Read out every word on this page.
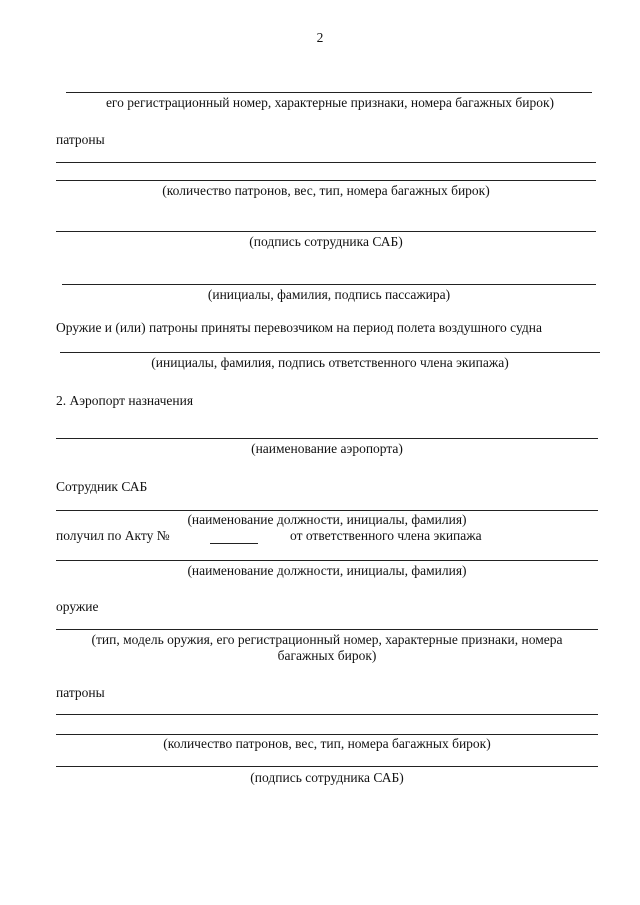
2
его регистрационный номер, характерные признаки, номера багажных бирок)
патроны
(количество патронов, вес, тип, номера багажных бирок)
(подпись сотрудника САБ)
(инициалы, фамилия, подпись пассажира)
Оружие и (или) патроны приняты перевозчиком на период полета воздушного судна
(инициалы, фамилия, подпись ответственного члена экипажа)
2. Аэропорт назначения
(наименование аэропорта)
Сотрудник САБ
(наименование должности, инициалы, фамилия)
получил по Акту №	от ответственного члена экипажа
(наименование должности, инициалы, фамилия)
оружие
(тип, модель оружия, его регистрационный номер, характерные признаки, номера
багажных бирок)
патроны
(количество патронов, вес, тип, номера багажных бирок)
(подпись сотрудника САБ)
